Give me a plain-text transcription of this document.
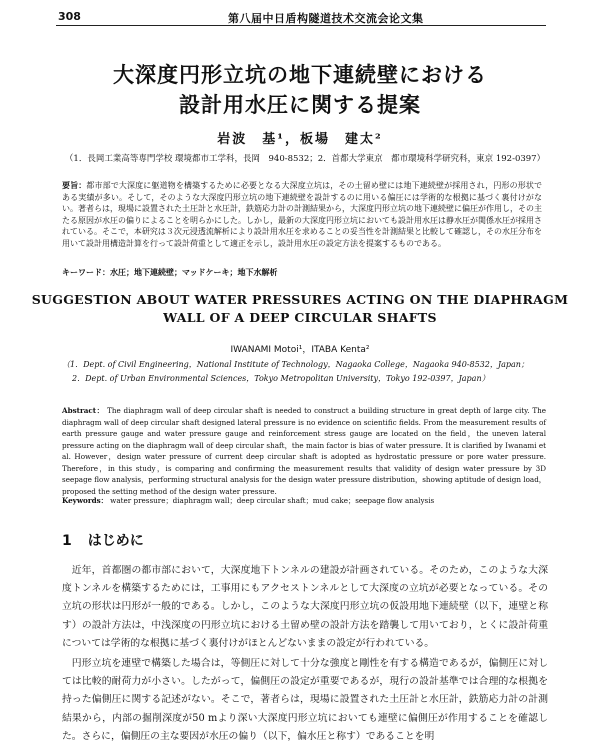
308	第八届中日盾构隧道技术交流会论文集
大深度円形立坑の地下連続壁における
設計用水圧に関する提案
岩波　基¹，板場　建太²
（1．長岡工業高等専門学校 環境都市工学科，長岡　940-8532；2．首都大学東京　都市環境科学研究科，東京 192-0397）
要旨：都市部で大深度に躯道物を構築するために必要となる大深度立坑は，その土留め壁には地下連続壁が採用され，円形の形状である実績が多い。そして，そのような大深度円形立坑の地下連続壁を設計するのに用いる偏圧には学術的な根拠に基づく裏付けがない。著者らは，現場に設置された土圧計と水圧計，鉄筋応力計の計測結果から，大深度円形立坑の地下連続壁に偏圧が作用し，その主たる原因が水圧の偏りによることを明らかにした。しかし，最新の大深度円形立坑においても設計用水圧は静水圧が関係水圧が採用されている。そこで，本研究は３次元浸透流解析により設計用水圧を求めることの妥当性を計測結果と比較して確認し，その水圧分布を用いて設計用構造計算を行って設計荷重として適正を示し，設計用水圧の設定方法を提案するものである。
キーワード：水圧；地下連続壁；マッドケーキ；地下水解析
SUGGESTION ABOUT WATER PRESSURES ACTING ON THE DIAPHRAGM
WALL OF A DEEP CIRCULAR SHAFTS
IWANAMI Motoi¹，ITABA Kenta²
（1．Dept. of Civil Engineering，National Institute of Technology，Nagaoka College，Nagaoka 940-8532，Japan；
2．Dept. of Urban Environmental Sciences，Tokyo Metropolitan University，Tokyo 192-0397，Japan）
Abstract： The diaphragm wall of deep circular shaft is needed to construct a building structure in great depth of large city. The diaphragm wall of deep circular shaft designed lateral pressure is no evidence on scientific fields. From the measurement results of earth pressure gauge and water pressure gauge and reinforcement stress gauge are located on the field，the uneven lateral pressure acting on the diaphragm wall of deep circular shaft，the main factor is bias of water pressure. It is clarified by Iwanami et al. However，design water pressure of current deep circular shaft is adopted as hydrostatic pressure or pore water pressure. Therefore，in this study，is comparing and confirming the measurement results that validity of design water pressure by 3D seepage flow analysis，performing structural analysis for the design water pressure distribution，showing aptitude of design load，proposed the setting method of the design water pressure.
Keywords： water pressure；diaphragm wall；deep circular shaft；mud cake；seepage flow analysis
1 はじめに
近年，首都圏の都市部において，大深度地下トンネルの建設が計画されている。そのため，このような大深度トンネルを構築するためには，工事用にもアクセストンネルとして大深度の立坑が必要となっている。その立坑の形状は円形が一般的である。しかし，このような大深度円形立坑の仮設用地下連続壁（以下，連壁と称す）の設計方法は，中浅深度の円形立坑における土留め壁の設計方法を踏襲して用いており，とくに設計荷重については学術的な根拠に基づく裏付けがほとんどないままの設定が行われている。
円形立坑を連壁で構築した場合は，等側圧に対して十分な強度と剛性を有する構造であるが，偏側圧に対しては比較的耐荷力が小さい。したがって，偏側圧の設定が重要であるが，現行の設計基準では合理的な根拠を持った偏側圧に関する記述がない。そこで，著者らは，現場に設置された土圧計と水圧計，鉄筋応力計の計測結果から，内部の掘削深度が50 mより深い大深度円形立坑においても連壁に偏側圧が作用することを確認した。さらに，偏側圧の主な要因が水圧の偏り（以下，偏水圧と称す）であることを明
